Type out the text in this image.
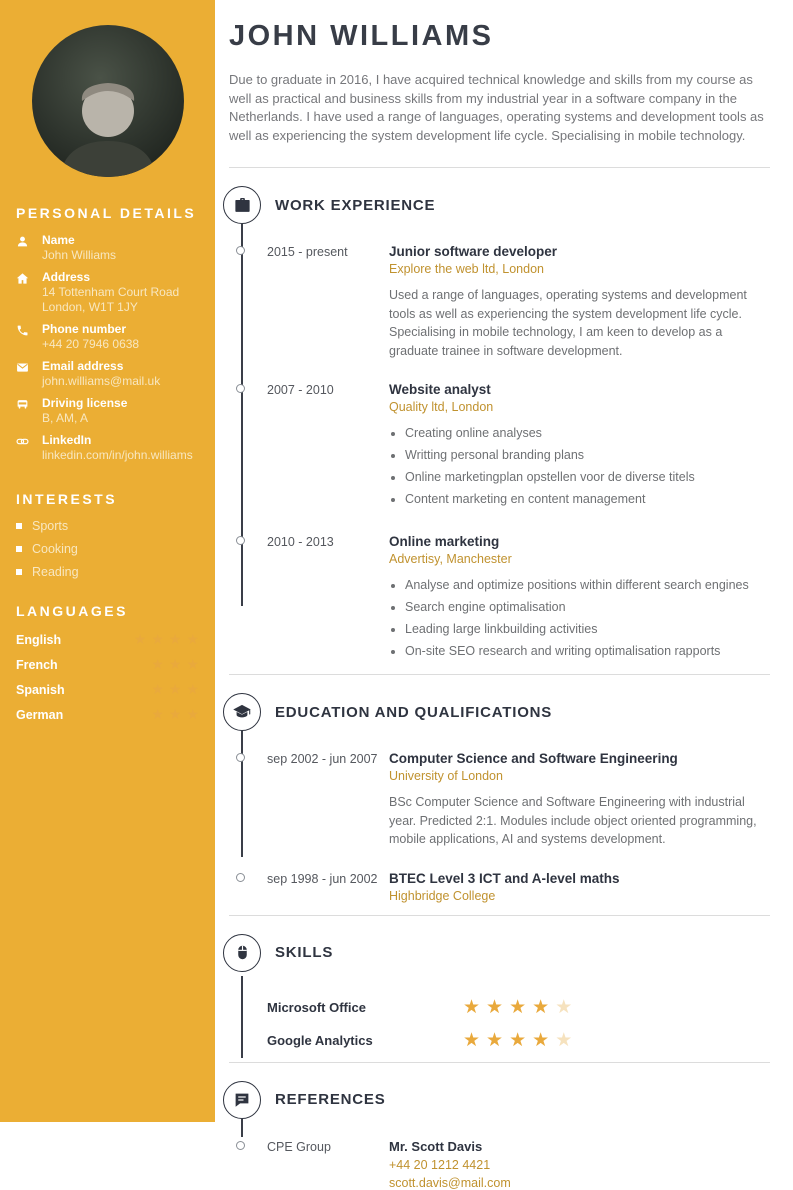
PERSONAL DETAILS
Name
John Williams
Address
14 Tottenham Court Road
London, W1T 1JY
Phone number
+44 20 7946 0638
Email address
john.williams@mail.uk
Driving license
B, AM, A
LinkedIn
linkedin.com/in/john.williams
INTERESTS
Sports
Cooking
Reading
LANGUAGES
English	★ ★ ★ ★
French	★ ★ ★
Spanish	★ ★ ★
German	★ ★ ★
JOHN WILLIAMS

Due to graduate in 2016, I have acquired technical knowledge and skills from my course as well as practical and business skills from my industrial year in a software company in the Netherlands. I have used a range of languages, operating systems and development tools as well as experiencing the system development life cycle. Specialising in mobile technology.

WORK EXPERIENCE
2015 - present	Junior software developer
Explore the web ltd, London
Used a range of languages, operating systems and development tools as well as experiencing the system development life cycle. Specialising in mobile technology, I am keen to develop as a graduate trainee in software development.
2007 - 2010	Website analyst
Quality ltd, London
• Creating online analyses
• Writting personal branding plans
• Online marketingplan opstellen voor de diverse titels
• Content marketing en content management
2010 - 2013	Online marketing
Advertisy, Manchester
• Analyse and optimize positions within different search engines
• Search engine optimalisation
• Leading large linkbuilding activities
• On-site SEO research and writing optimalisation rapports
EDUCATION AND QUALIFICATIONS
sep 2002 - jun 2007 Computer Science and Software Engineering
University of London
BSc Computer Science and Software Engineering with industrial year. Predicted 2:1. Modules include object oriented programming, mobile applications, AI and systems development.
sep 1998 - jun 2002 BTEC Level 3 ICT and A-level maths
Highbridge College
SKILLS
Microsoft Office	★ ★ ★ ★ ★
Google Analytics	★ ★ ★ ★ ★
REFERENCES
CPE Group	Mr. Scott Davis
+44 20 1212 4421
scott.davis@mail.com
